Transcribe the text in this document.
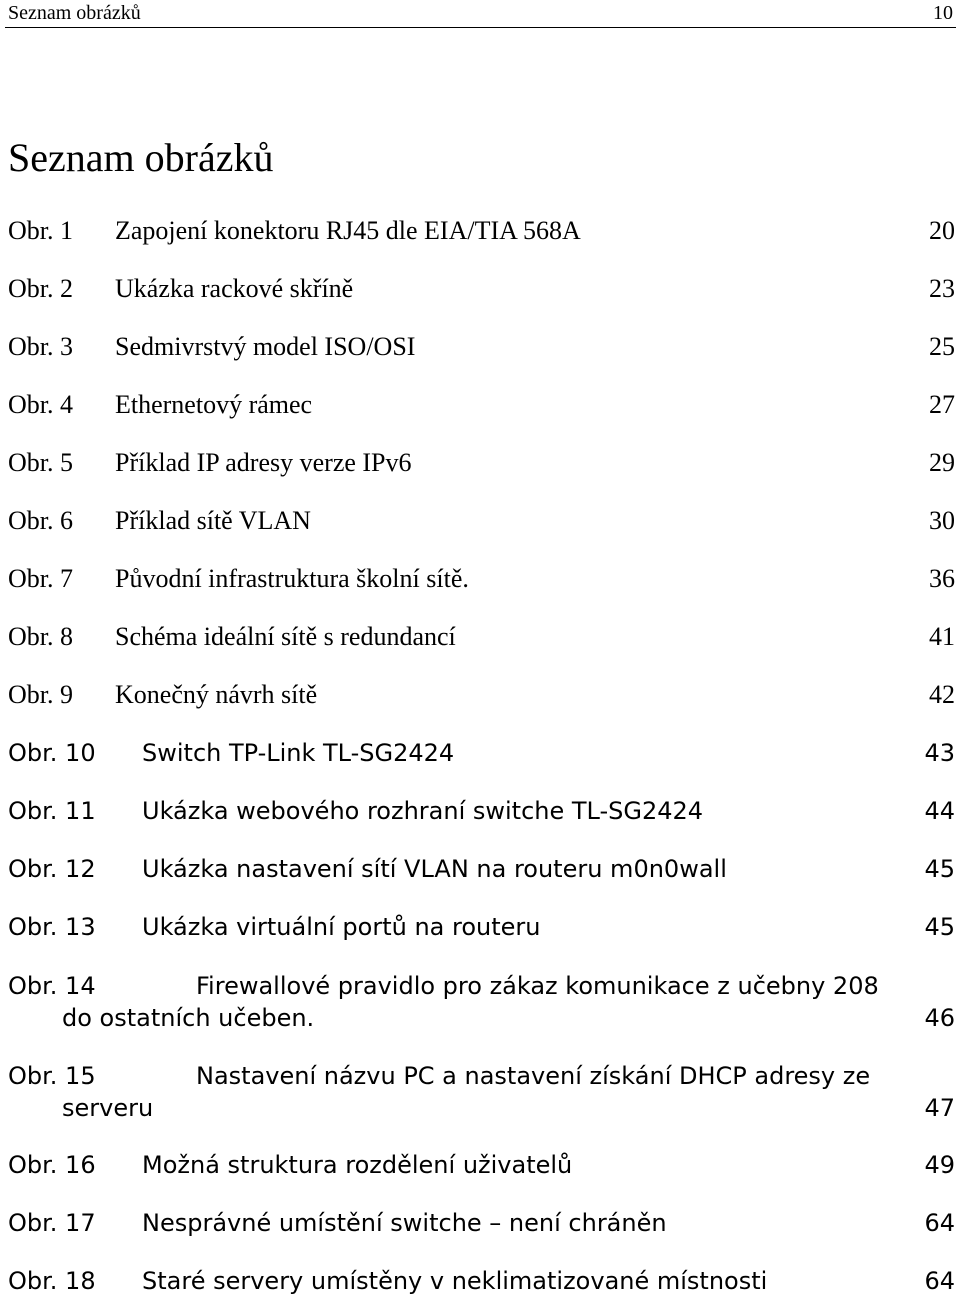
Seznam obrázků	10
Seznam obrázků
Obr. 1 Zapojení konektoru RJ45 dle EIA/TIA 568A	20
Obr. 2 Ukázka rackové skříně	23
Obr. 3 Sedmivrstvý model ISO/OSI	25
Obr. 4 Ethernetový rámec	27
Obr. 5 Příklad IP adresy verze IPv6	29
Obr. 6 Příklad sítě VLAN	30
Obr. 7 Původní infrastruktura školní sítě.	36
Obr. 8 Schéma ideální sítě s redundancí	41
Obr. 9 Konečný návrh sítě	42
Obr. 10 Switch TP-Link TL-SG2424	43
Obr. 11 Ukázka webového rozhraní switche TL-SG2424	44
Obr. 12 Ukázka nastavení sítí VLAN na routeru m0n0wall	45
Obr. 13 Ukázka virtuální portů na routeru	45
Obr. 14	Firewallové pravidlo pro zákaz komunikace z učebny 208 do ostatních učeben.	46
Obr. 15	Nastavení názvu PC a nastavení získání DHCP adresy ze serveru	47
Obr. 16 Možná struktura rozdělení uživatelů	49
Obr. 17 Nesprávné umístění switche – není chráněn	64
Obr. 18 Staré servery umístěny v neklimatizované místnosti	64
